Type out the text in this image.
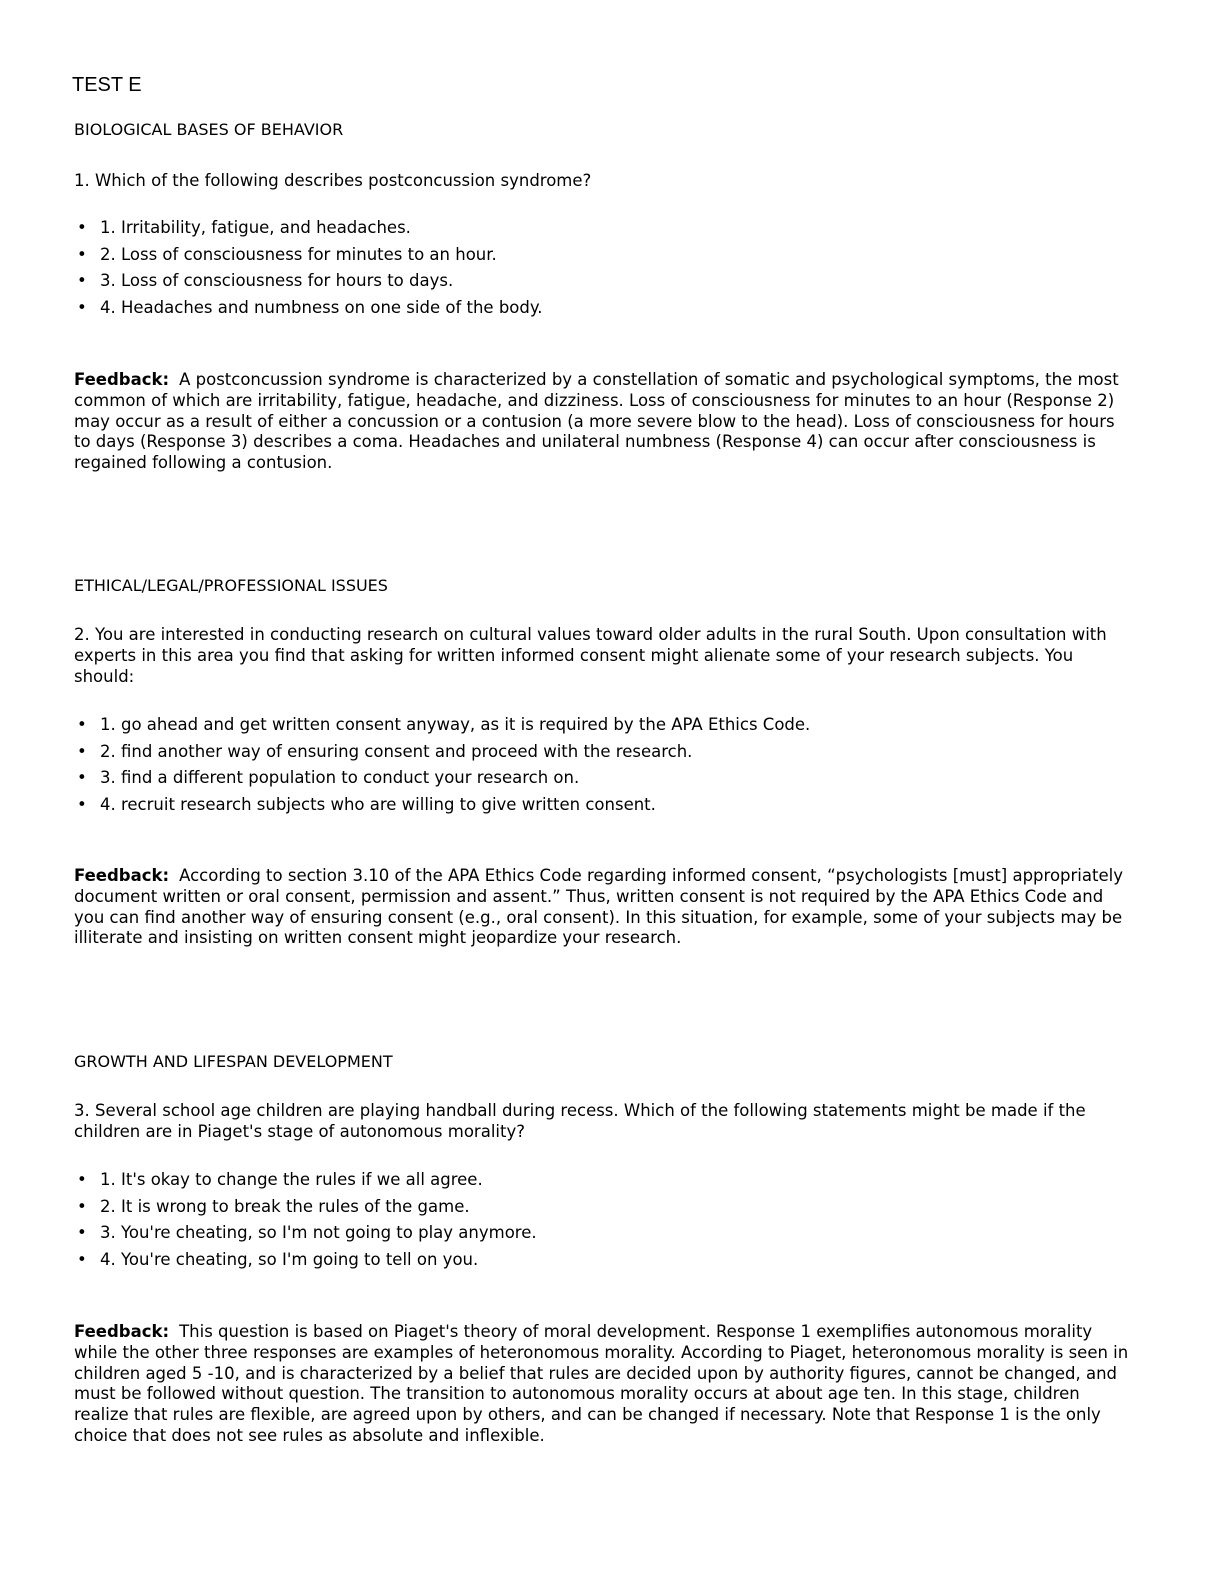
TEST E

BIOLOGICAL BASES OF BEHAVIOR

1. Which of the following describes postconcussion syndrome?

• 1. Irritability, fatigue, and headaches.
• 2. Loss of consciousness for minutes to an hour.
• 3. Loss of consciousness for hours to days.
• 4. Headaches and numbness on one side of the body.

Feedback: A postconcussion syndrome is characterized by a constellation of somatic and psychological symptoms, the most common of which are irritability, fatigue, headache, and dizziness. Loss of consciousness for minutes to an hour (Response 2) may occur as a result of either a concussion or a contusion (a more severe blow to the head). Loss of consciousness for hours to days (Response 3) describes a coma. Headaches and unilateral numbness (Response 4) can occur after consciousness is regained following a contusion.

ETHICAL/LEGAL/PROFESSIONAL ISSUES

2. You are interested in conducting research on cultural values toward older adults in the rural South. Upon consultation with experts in this area you find that asking for written informed consent might alienate some of your research subjects. You should:

• 1. go ahead and get written consent anyway, as it is required by the APA Ethics Code.
• 2. find another way of ensuring consent and proceed with the research.
• 3. find a different population to conduct your research on.
• 4. recruit research subjects who are willing to give written consent.

Feedback: According to section 3.10 of the APA Ethics Code regarding informed consent, “psychologists [must] appropriately document written or oral consent, permission and assent.” Thus, written consent is not required by the APA Ethics Code and you can find another way of ensuring consent (e.g., oral consent). In this situation, for example, some of your subjects may be illiterate and insisting on written consent might jeopardize your research.

GROWTH AND LIFESPAN DEVELOPMENT

3. Several school age children are playing handball during recess. Which of the following statements might be made if the children are in Piaget's stage of autonomous morality?

• 1. It's okay to change the rules if we all agree.
• 2. It is wrong to break the rules of the game.
• 3. You're cheating, so I'm not going to play anymore.
• 4. You're cheating, so I'm going to tell on you.

Feedback: This question is based on Piaget's theory of moral development. Response 1 exemplifies autonomous morality while the other three responses are examples of heteronomous morality. According to Piaget, heteronomous morality is seen in children aged 5 -10, and is characterized by a belief that rules are decided upon by authority figures, cannot be changed, and must be followed without question. The transition to autonomous morality occurs at about age ten. In this stage, children realize that rules are flexible, are agreed upon by others, and can be changed if necessary. Note that Response 1 is the only choice that does not see rules as absolute and inflexible.
